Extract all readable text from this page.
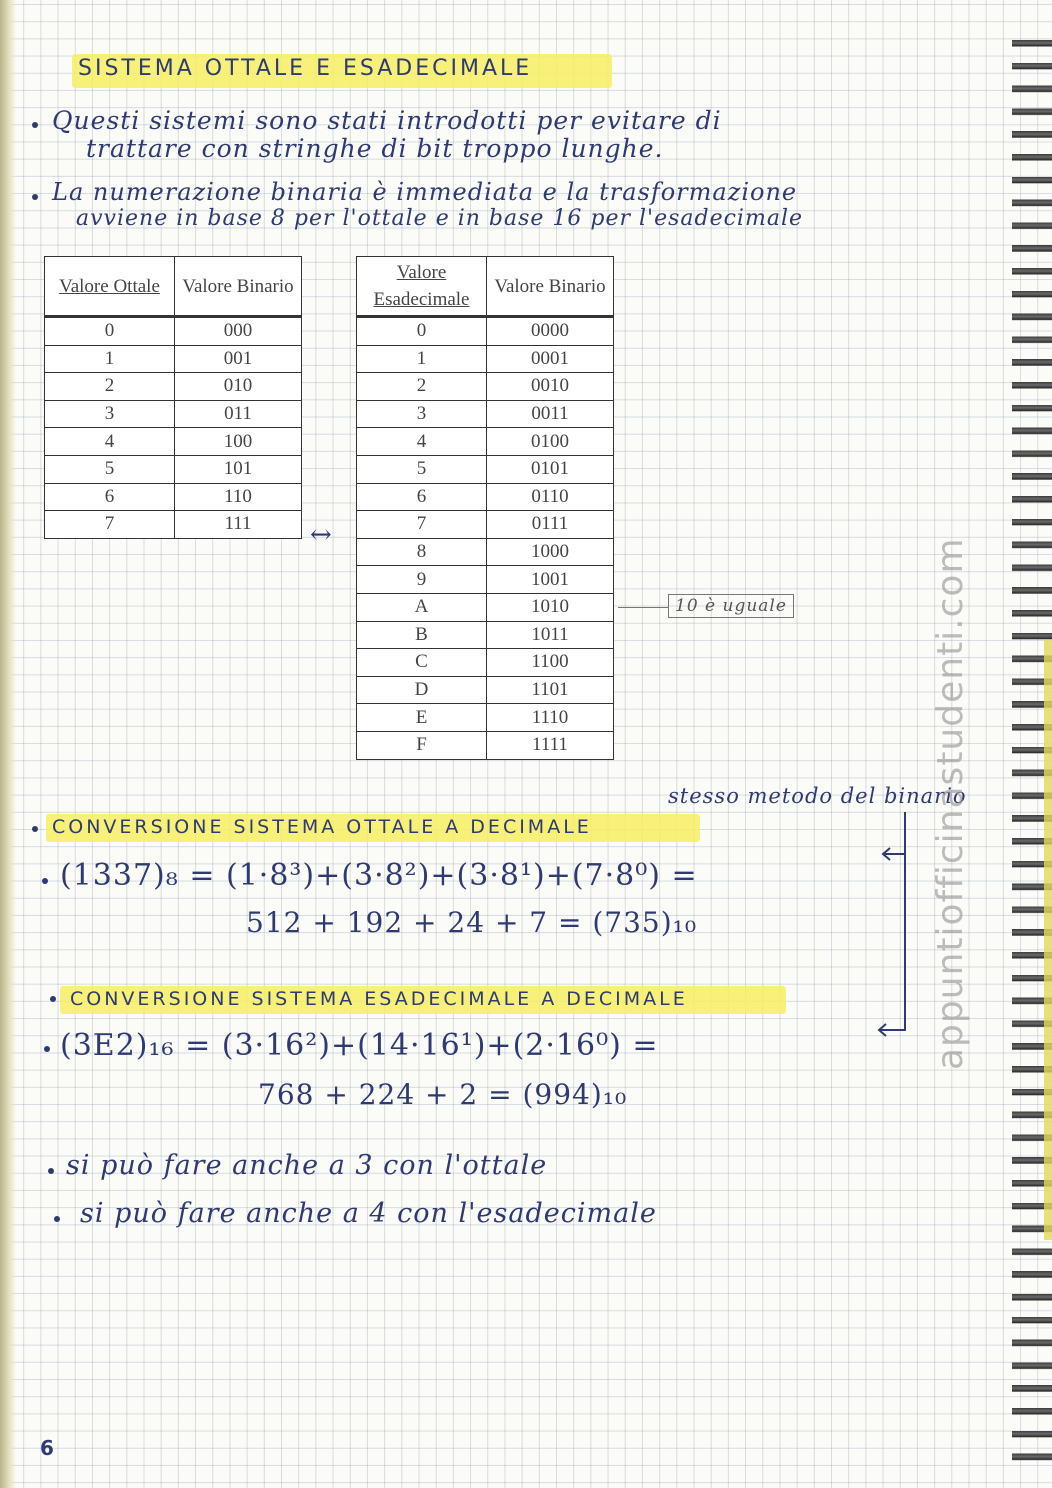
SISTEMA OTTALE E ESADECIMALE
Questi sistemi sono stati introdotti per evitare di
trattare con stringhe di bit troppo lunghe.
La numerazione binaria è immediata e la trasformazione
avviene in base 8 per l'ottale e in base 16 per l'esadecimale
Valore Ottale	Valore Binario
0	000
1	001
2	010
3	011
4	100
5	101
6	110
7	111 ↔
Valore Esadecimale	Valore Binario
0	0000
1	0001
2	0010
3	0011
4	0100
5	0101
6	0110
7	0111
8	1000
9	1001
A	1010
B	1011
C	1100
D	1101
E	1110
F	1111
10 è uguale
stesso metodo del binario
CONVERSIONE SISTEMA OTTALE A DECIMALE
(1337)₈ = (1·8³)+(3·8²)+(3·8¹)+(7·8⁰) =
512 + 192 + 24 + 7 = (735)₁₀
CONVERSIONE SISTEMA ESADECIMALE A DECIMALE
(3E2)₁₆ = (3·16²)+(14·16¹)+(2·16⁰) =
768 + 224 + 2 = (994)₁₀
si può fare anche a 3 con l'ottale
si può fare anche a 4 con l'esadecimale
appuntiofficinastudenti.com
6
